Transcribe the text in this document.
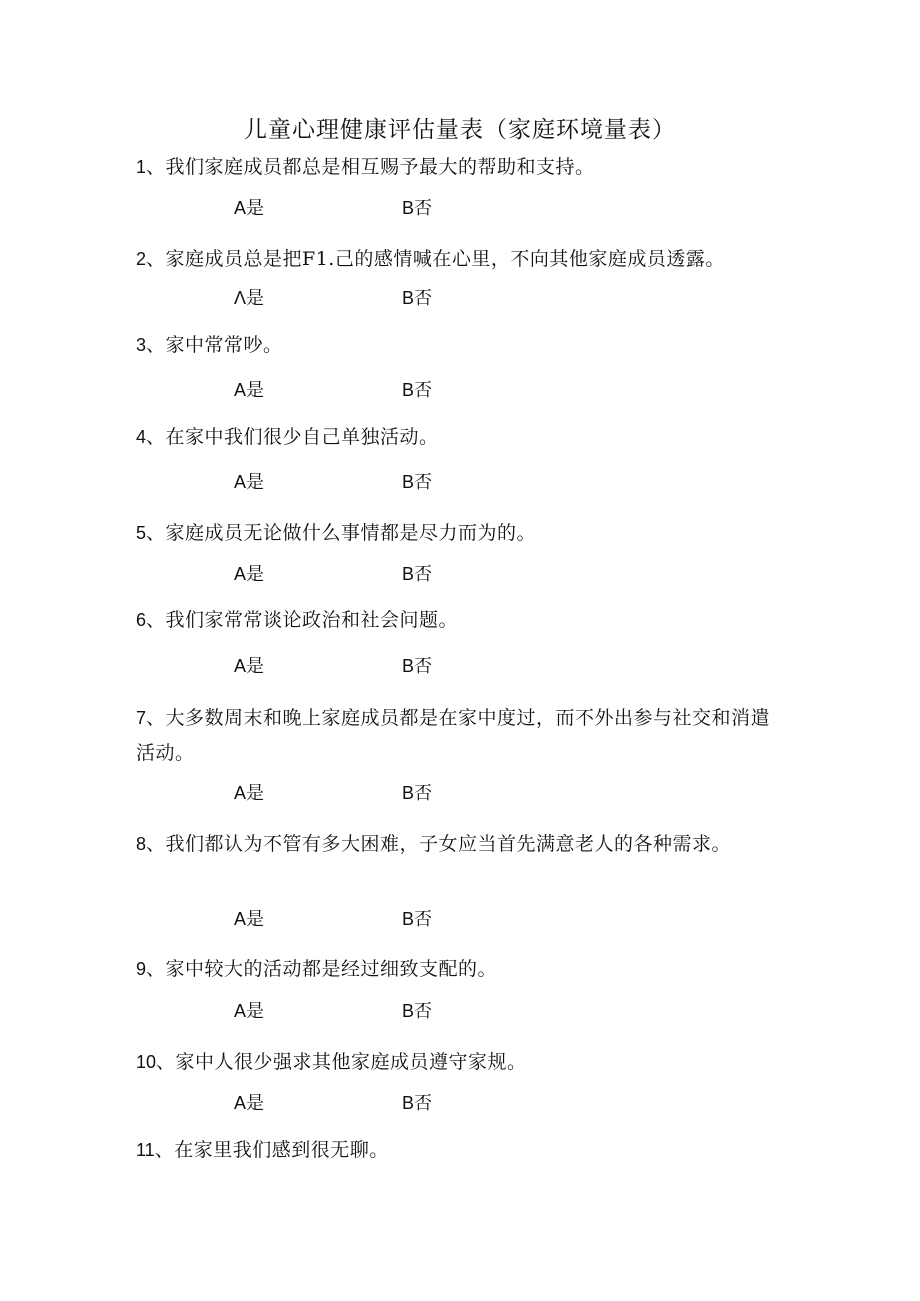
儿童心理健康评估量表（家庭环境量表）
1、我们家庭成员都总是相互赐予最大的帮助和支持。
A是	B否
2、家庭成员总是把F1.己的感情喊在心里，不向其他家庭成员透露。
Λ是	B否
3、家中常常吵。
A是	B否
4、在家中我们很少自己单独活动。
A是	B否
5、家庭成员无论做什么事情都是尽力而为的。
A是	B否
6、我们家常常谈论政治和社会问题。
A是	B否
7、大多数周末和晚上家庭成员都是在家中度过，而不外出参与社交和消遣活动。
A是	B否
8、我们都认为不管有多大困难，子女应当首先满意老人的各种需求。
A是	B否
9、家中较大的活动都是经过细致支配的。
A是	B否
10、家中人很少强求其他家庭成员遵守家规。
A是	B否
11、在家里我们感到很无聊。
